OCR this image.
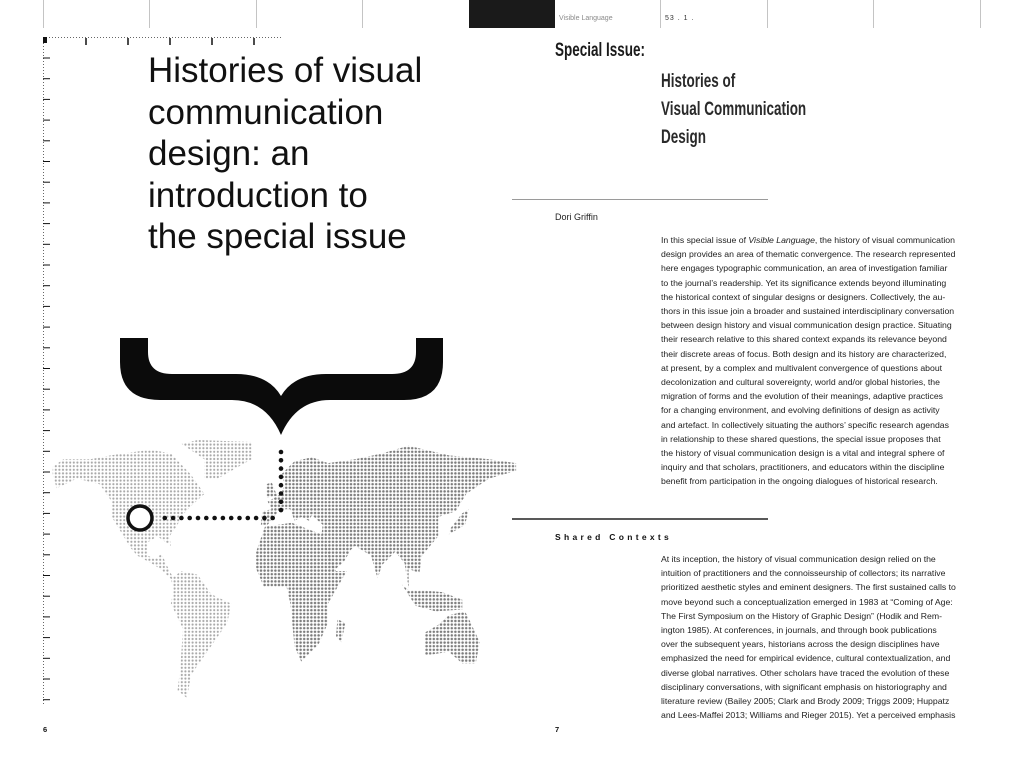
Visible Language	53 . 1 .
Histories of visual
communication
design: an
introduction to
the special issue
6
Special Issue:
Histories of
Visual Communication
Design
Dori Griffin
In this special issue of Visible Language, the history of visual communication
design provides an area of thematic convergence. The research represented
here engages typographic communication, an area of investigation familiar
to the journal’s readership. Yet its significance extends beyond illuminating
the historical context of singular designs or designers. Collectively, the au-
thors in this issue join a broader and sustained interdisciplinary conversation
between design history and visual communication design practice. Situating
their research relative to this shared context expands its relevance beyond
their discrete areas of focus. Both design and its history are characterized,
at present, by a complex and multivalent convergence of questions about
decolonization and cultural sovereignty, world and/or global histories, the
migration of forms and the evolution of their meanings, adaptive practices
for a changing environment, and evolving definitions of design as activity
and artefact. In collectively situating the authors’ specific research agendas
in relationship to these shared questions, the special issue proposes that
the history of visual communication design is a vital and integral sphere of
inquiry and that scholars, practitioners, and educators within the discipline
benefit from participation in the ongoing dialogues of historical research.
Shared Contexts
At its inception, the history of visual communication design relied on the
intuition of practitioners and the connoisseurship of collectors; its narrative
prioritized aesthetic styles and eminent designers. The first sustained calls to
move beyond such a conceptualization emerged in 1983 at “Coming of Age:
The First Symposium on the History of Graphic Design” (Hodik and Rem-
ington 1985). At conferences, in journals, and through book publications
over the subsequent years, historians across the design disciplines have
emphasized the need for empirical evidence, cultural contextualization, and
diverse global narratives. Other scholars have traced the evolution of these
disciplinary conversations, with significant emphasis on historiography and
literature review (Bailey 2005; Clark and Brody 2009; Triggs 2009; Huppatz
and Lees-Maffei 2013; Williams and Rieger 2015). Yet a perceived emphasis
7
